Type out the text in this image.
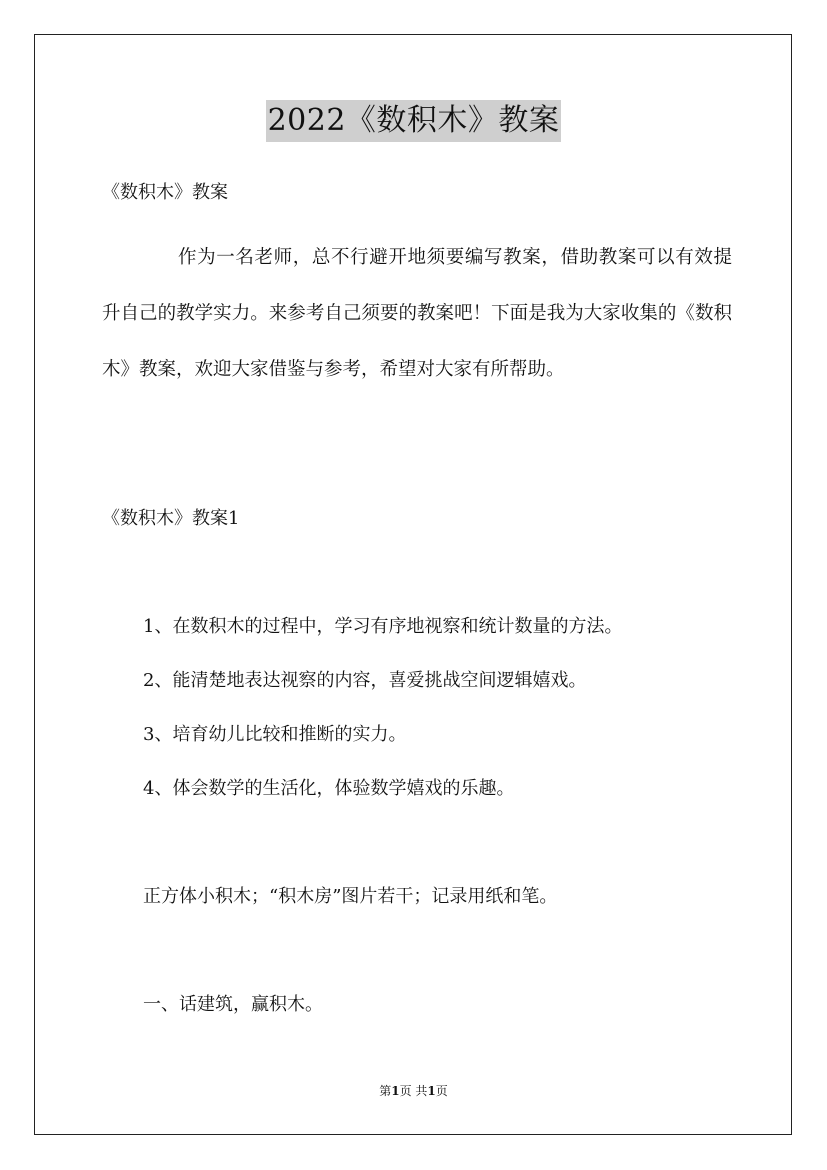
2022《数积木》教案
《数积木》教案
作为一名老师，总不行避开地须要编写教案，借助教案可以有效提升自己的教学实力。来参考自己须要的教案吧！下面是我为大家收集的《数积木》教案，欢迎大家借鉴与参考，希望对大家有所帮助。
《数积木》教案1
1、在数积木的过程中，学习有序地视察和统计数量的方法。
2、能清楚地表达视察的内容，喜爱挑战空间逻辑嬉戏。
3、培育幼儿比较和推断的实力。
4、体会数学的生活化，体验数学嬉戏的乐趣。
正方体小积木；“积木房”图片若干；记录用纸和笔。
一、话建筑，赢积木。
第1页 共1页
